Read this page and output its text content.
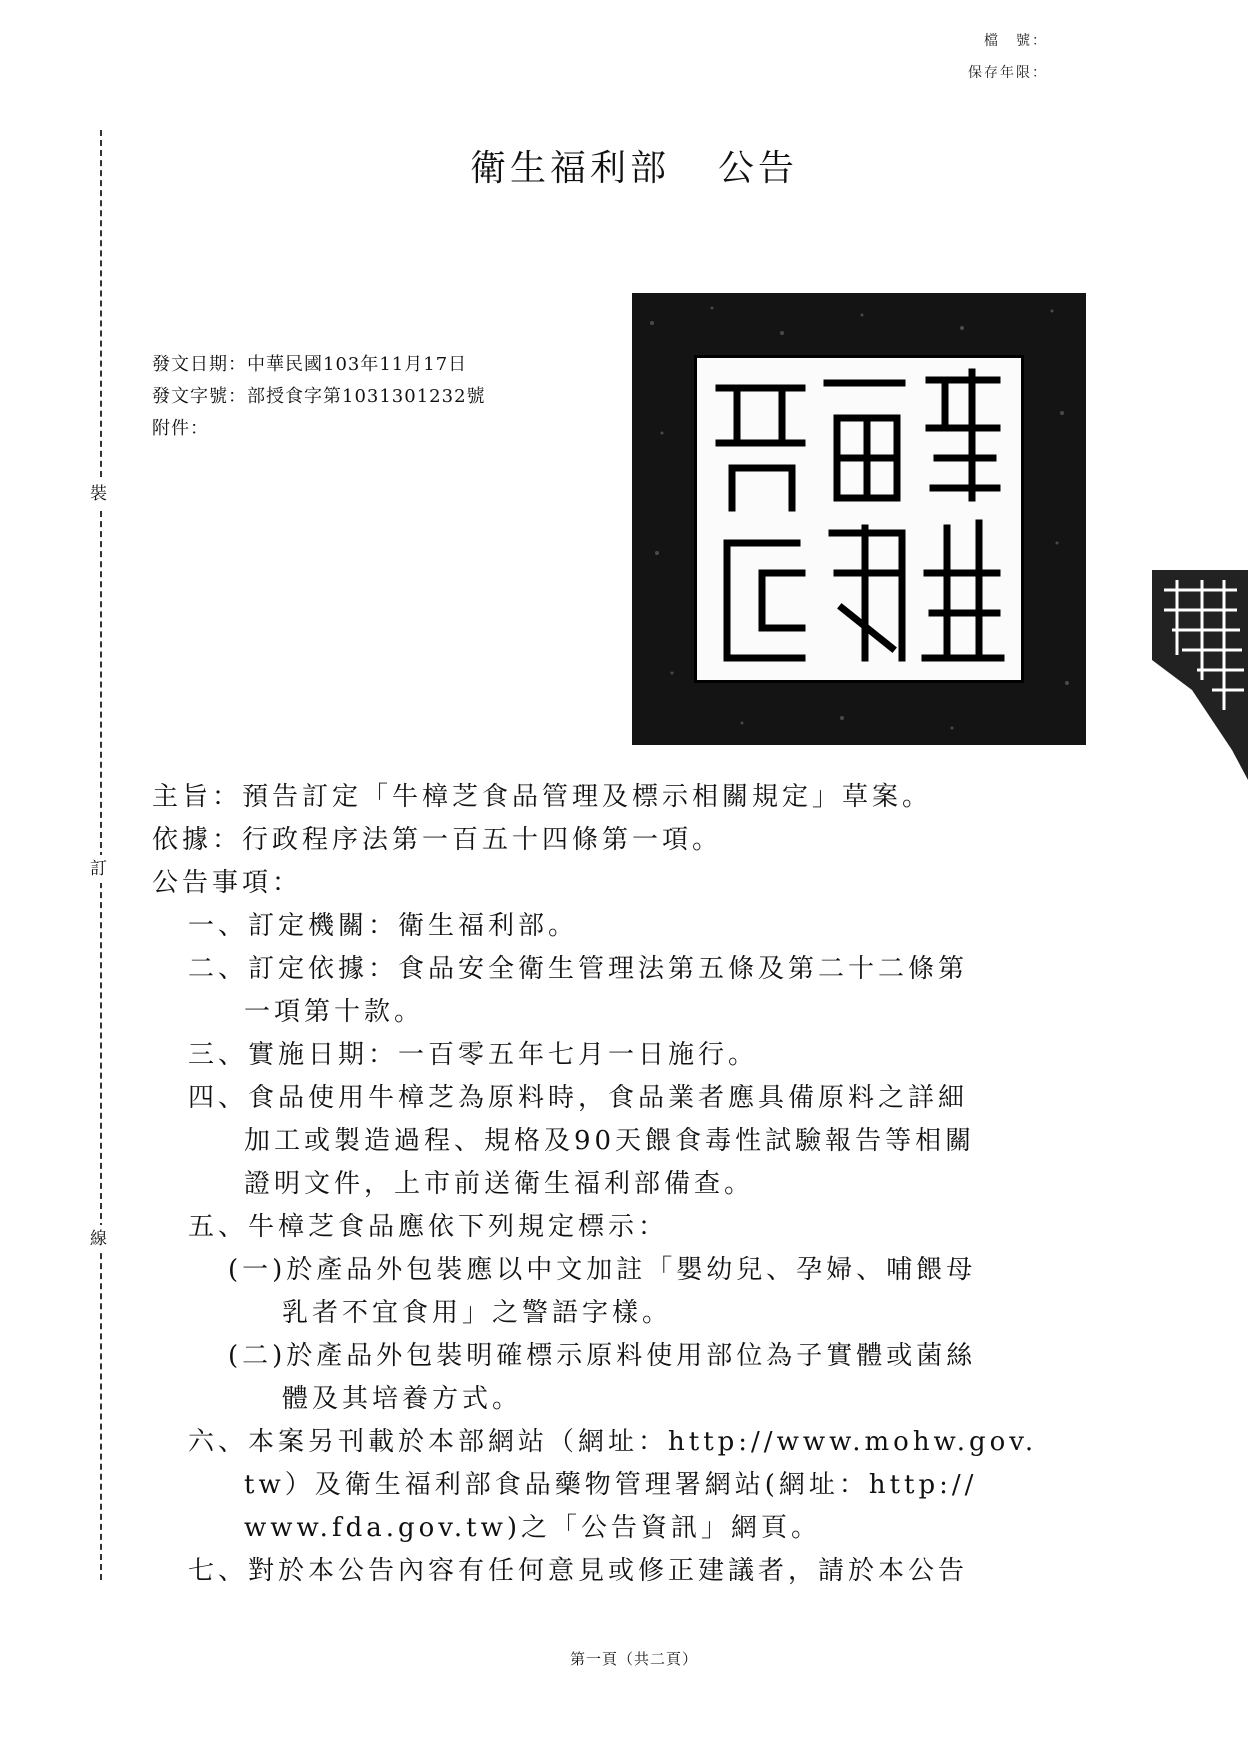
檔　號：
保存年限：
裝
訂
線
衛生福利部 公告
發文日期：中華民國103年11月17日
發文字號：部授食字第1031301232號
附件：
主旨：預告訂定「牛樟芝食品管理及標示相關規定」草案。
依據：行政程序法第一百五十四條第一項。
公告事項：
一、訂定機關：衛生福利部。
二、訂定依據：食品安全衛生管理法第五條及第二十二條第
一項第十款。
三、實施日期：一百零五年七月一日施行。
四、食品使用牛樟芝為原料時，食品業者應具備原料之詳細
加工或製造過程、規格及90天餵食毒性試驗報告等相關
證明文件，上市前送衛生福利部備查。
五、牛樟芝食品應依下列規定標示：
(一)於產品外包裝應以中文加註「嬰幼兒、孕婦、哺餵母
乳者不宜食用」之警語字樣。
(二)於產品外包裝明確標示原料使用部位為子實體或菌絲
體及其培養方式。
六、本案另刊載於本部網站（網址：http://www.mohw.gov.
tw）及衛生福利部食品藥物管理署網站(網址：http://
www.fda.gov.tw)之「公告資訊」網頁。
七、對於本公告內容有任何意見或修正建議者，請於本公告
第一頁（共二頁）
